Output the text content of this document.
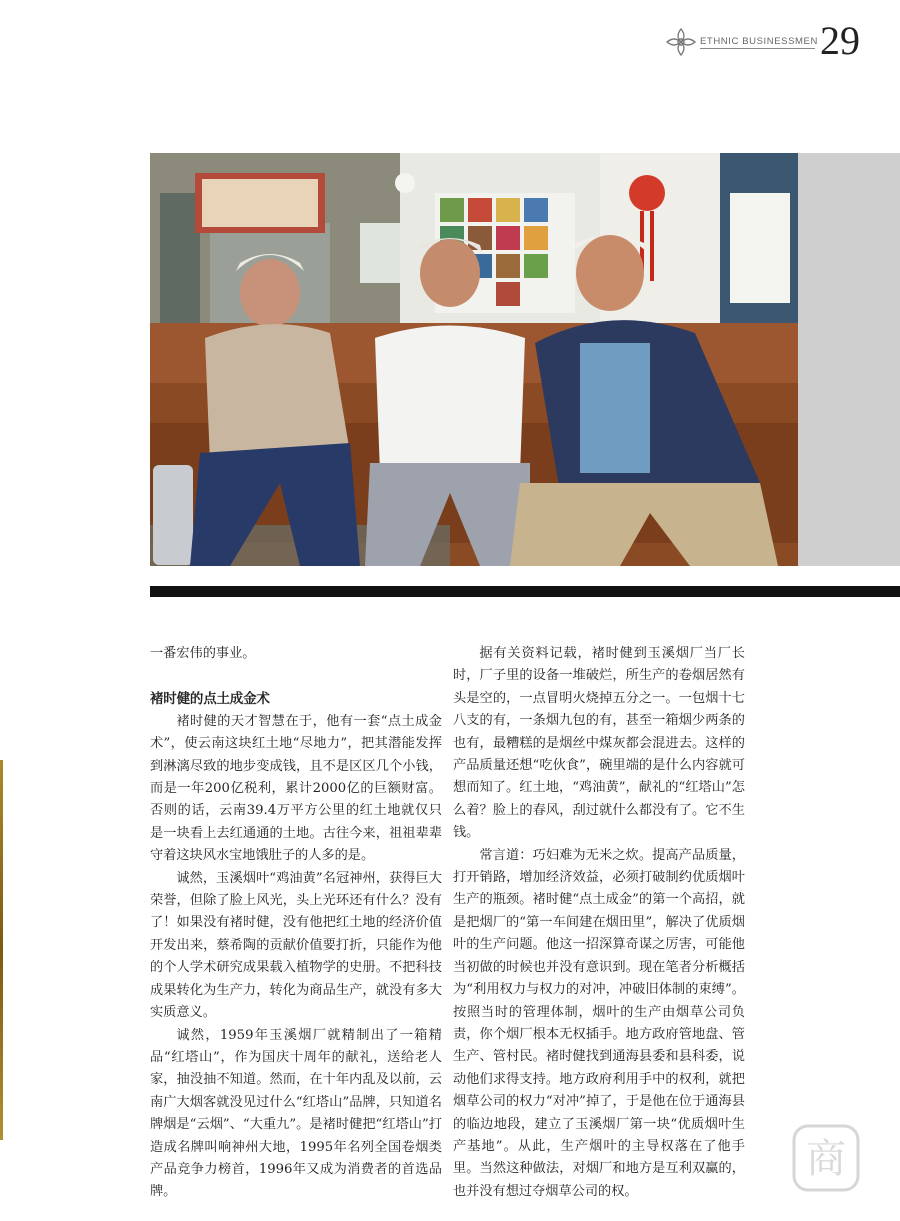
ETHNIC BUSINESSMEN 29

一番宏伟的事业。

褚时健的点土成金术

褚时健的天才智慧在于，他有一套“点土成金术”，使云南这块红土地“尽地力”，把其潜能发挥到淋漓尽致的地步变成钱，且不是区区几个小钱，而是一年200亿税利，累计2000亿的巨额财富。否则的话，云南39.4万平方公里的红土地就仅只是一块看上去红通通的土地。古往今来，祖祖辈辈守着这块风水宝地饿肚子的人多的是。

诚然，玉溪烟叶“鸡油黄”名冠神州，获得巨大荣誉，但除了脸上风光，头上光环还有什么？没有了！如果没有褚时健，没有他把红土地的经济价值开发出来，蔡希陶的贡献价值要打折，只能作为他的个人学术研究成果载入植物学的史册。不把科技成果转化为生产力，转化为商品生产，就没有多大实质意义。

诚然，1959年玉溪烟厂就精制出了一箱精品“红塔山”，作为国庆十周年的献礼，送给老人家，抽没抽不知道。然而，在十年内乱及以前，云南广大烟客就没见过什么“红塔山”品牌，只知道名牌烟是“云烟”、“大重九”。是褚时健把“红塔山”打造成名牌叫响神州大地，1995年名列全国卷烟类产品竞争力榜首，1996年又成为消费者的首选品牌。

据有关资料记载，褚时健到玉溪烟厂当厂长时，厂子里的设备一堆破烂，所生产的卷烟居然有头是空的，一点冒明火烧掉五分之一。一包烟十七八支的有，一条烟九包的有，甚至一箱烟少两条的也有，最糟糕的是烟丝中煤灰都会混进去。这样的产品质量还想“吃伙食”，碗里端的是什么内容就可想而知了。红土地，“鸡油黄”，献礼的“红塔山”怎么着？脸上的春风，刮过就什么都没有了。它不生钱。

常言道：巧妇难为无米之炊。提高产品质量，打开销路，增加经济效益，必须打破制约优质烟叶生产的瓶颈。褚时健“点土成金”的第一个高招，就是把烟厂的“第一车间建在烟田里”，解决了优质烟叶的生产问题。他这一招深算奇谋之厉害，可能他当初做的时候也并没有意识到。现在笔者分析概括为“利用权力与权力的对冲，冲破旧体制的束缚”。按照当时的管理体制，烟叶的生产由烟草公司负责，你个烟厂根本无权插手。地方政府管地盘、管生产、管村民。褚时健找到通海县委和县科委，说动他们求得支持。地方政府利用手中的权利，就把烟草公司的权力“对冲”掉了，于是他在位于通海县的临边地段，建立了玉溪烟厂第一块“优质烟叶生产基地”。从此，生产烟叶的主导权落在了他手里。当然这种做法，对烟厂和地方是互利双赢的，也并没有想过夺烟草公司的权。

商
